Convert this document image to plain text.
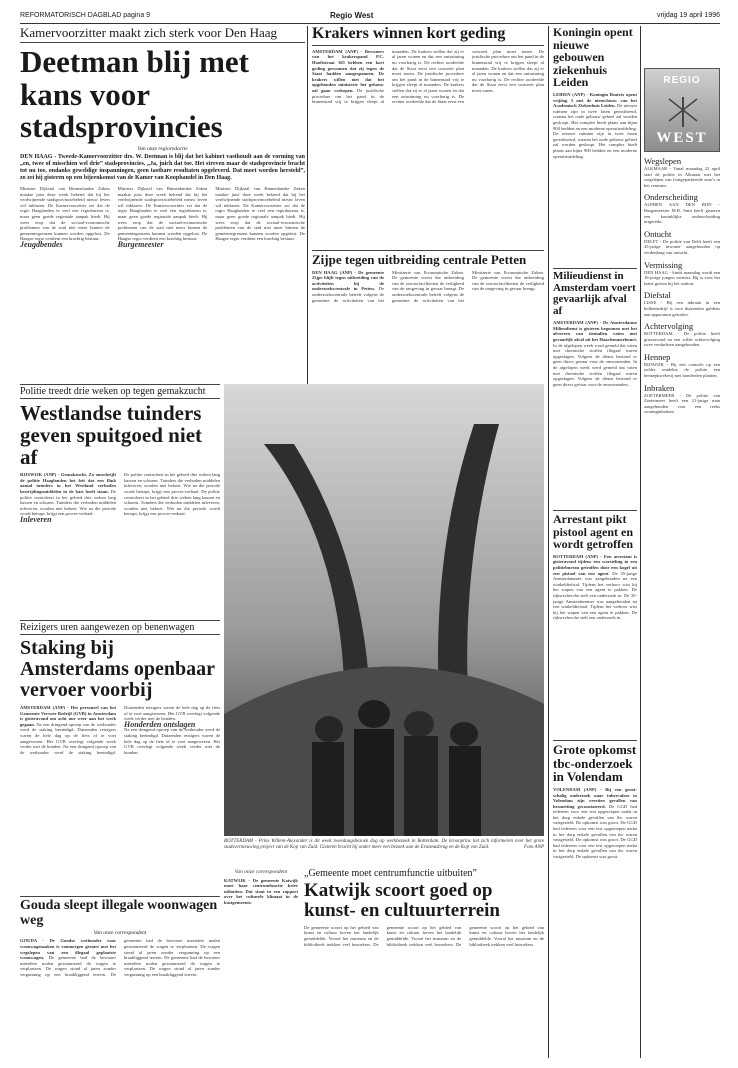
REFORMATORISCH DAGBLAD pagina 9	Regio West	vrijdag 19 april 1996
Kamervoorzitter maakt zich sterk voor Den Haag
Deetman blij met kans voor stadsprovincies
Van onze regioredactie
DEN HAAG - Tweede-Kamervoorzitter drs. W. Deetman is blij dat het kabinet vasthoudt aan de vorming van „en, twee of misschien wel drie” stadsprovincies. „Ja, juich dat toe. Het streven maar de stadsprovincie bracht tot nu toe, ondanks geweldige inspanningen, geen tastbare resultaten opgeleverd. Dat moet worden hersteld”, zo zei hij gisteren op een bijeenkomst van de Kamer van Koophandel in Den Haag.
Minister Dijkstal van Binnenlandse Zaken maakte juist deze week bekend dat hij het verdwijnende stadsprovinciebeleid nieuw leven wil inblazen. De Kamervoorzitter zei dat de regio Haaglanden te veel een regiobureau is, maar geen goede regionale aanpak biedt. Hij wees erop dat de sociaal-economische problemen van de stad niet meer binnen de gemeentegrenzen kunnen worden opgelost. De Haagse regio verdient een krachtig bestuur.
Jeugdbendes
Minister Dijkstal van Binnenlandse Zaken maakte juist deze week bekend dat hij het verdwijnende stadsprovinciebeleid nieuw leven wil inblazen. De Kamervoorzitter zei dat de regio Haaglanden te veel een regiobureau is, maar geen goede regionale aanpak biedt. Hij wees erop dat de sociaal-economische problemen van de stad niet meer binnen de gemeentegrenzen kunnen worden opgelost. De Haagse regio verdient een krachtig bestuur.
Burgemeester
Minister Dijkstal van Binnenlandse Zaken maakte juist deze week bekend dat hij het verdwijnende stadsprovinciebeleid nieuw leven wil inblazen. De Kamervoorzitter zei dat de regio Haaglanden te veel een regiobureau is, maar geen goede regionale aanpak biedt. Hij wees erop dat de sociaal-economische problemen van de stad niet meer binnen de gemeentegrenzen kunnen worden opgelost. De Haagse regio verdient een krachtig bestuur.
Krakers winnen kort geding
AMSTERDAM (ANP) - Bewoners van het krakerspand P.C. Hooftstraat 165 hebben een kort geding gewonnen dat zij tegen de Staat hadden aangespannen. De krakers willen niet dat het opgehouden ministerie het gebouw zal gaan verkopen. De juridische procedure om het pand in de binnenstad vrij te krijgen sleept al maanden. De krakers stellen dat zij er al jaren wonen en dat een ontruiming nu voorbarig is. De rechter oordeelde dat de Staat eerst een concreet plan moet tonen. De juridische procedure om het pand in de binnenstad vrij te krijgen sleept al maanden. De krakers stellen dat zij er al jaren wonen en dat een ontruiming nu voorbarig is. De rechter oordeelde dat de Staat eerst een concreet plan moet tonen. De juridische procedure om het pand in de binnenstad vrij te krijgen sleept al maanden. De krakers stellen dat zij er al jaren wonen en dat een ontruiming nu voorbarig is. De rechter oordeelde dat de Staat eerst een concreet plan moet tonen.
Zijpe tegen uitbreiding centrale Petten
DEN HAAG (ANP) - De gemeente Zijpe blijft tegen uitbreiding van de activiteiten bij de onderzoekscentrale in Petten. De onderzoekscentrale betreft volgens de gemeente de activiteiten van het Ministerie van Economische Zaken. De gemeente vreest dat uitbreiding van de reactorfaciliteiten de veiligheid van de omgeving in gevaar brengt. De onderzoekscentrale betreft volgens de gemeente de activiteiten van het Ministerie van Economische Zaken. De gemeente vreest dat uitbreiding van de reactorfaciliteiten de veiligheid van de omgeving in gevaar brengt.
Koningin opent nieuwe gebouwen ziekenhuis Leiden
LEIDEN (ANP) - Koningin Beatrix opent vrijdag 3 mei de nieuwbouw van het Academisch Ziekenhuis Leiden. De nieuwe ruimten zijn in twee fasen gerealiseerd, waarna het oude gebouw geheel zal worden gesloopt. Het complex biedt plaats aan bijna 900 bedden en een moderne operatieafdeling. De nieuwe ruimten zijn in twee fasen gerealiseerd, waarna het oude gebouw geheel zal worden gesloopt. Het complex biedt plaats aan bijna 900 bedden en een moderne operatieafdeling.
Milieudienst in Amsterdam voert gevaarlijk afval af
AMSTERDAM (ANP) - De Amsterdamse Milieudienst is gisteren begonnen met het afvoeren van tientallen vaten met gevaarlijk afval uit het Haarlemmerbuurt. In de afgelopen week werd gemeld dat vaten met chemische stoffen illegaal waren opgeslagen. Volgens de dienst bestond er geen direct gevaar voor de omwonenden. In de afgelopen week werd gemeld dat vaten met chemische stoffen illegaal waren opgeslagen. Volgens de dienst bestond er geen direct gevaar voor de omwonenden.
Arrestant pikt pistool agent en wordt getroffen
ROTTERDAM (ANP) - Een arrestant is gisteravond tijdens een worsteling in een politiebureau getroffen door een kogel uit een pistool van een agent. De 35-jarige Amsterdammer was aangehouden na een winkeldiefstal. Tijdens het verhoor wist hij het wapen van een agent te pakken. De rijksrecherche stelt een onderzoek in. De 35-jarige Amsterdammer was aangehouden na een winkeldiefstal. Tijdens het verhoor wist hij het wapen van een agent te pakken. De rijksrecherche stelt een onderzoek in.
Grote opkomst tbc-onderzoek in Volendam
VOLENDAM (ANP) - Bij een groot-schalig onderzoek naar tuberculose in Volendam zijn veertien gevallen van besmetting geconstateerd. De GGD had iedereen voor een test opgeroepen nadat in het dorp enkele gevallen van tbc waren vastgesteld. De opkomst was groot. De GGD had iedereen voor een test opgeroepen nadat in het dorp enkele gevallen van tbc waren vastgesteld. De opkomst was groot. De GGD had iedereen voor een test opgeroepen nadat in het dorp enkele gevallen van tbc waren vastgesteld. De opkomst was groot.
REGIO
WEST
Wegslepen
ALKMAAR - Vanaf maandag 22 april start de politie in Alkmaar met het wegslepen van foutgeparkeerde auto's in het centrum.
Onderscheiding
ALPHEN AAN DEN RIJN - Burgemeester M.B. Smit heeft gisteren een koninklijke onderscheiding uitgereikt.
Ontucht
DELFT - De politie van Delft heeft een 43-jarige inwoner aangehouden op verdenking van ontucht.
Vermissing
DEN HAAG - Sinds maandag wordt een 16-jarige jongen vermist. Hij is voor het laatst gezien bij het station.
Diefstal
LISSE - Bij een inbraak in een bollenbedrijf is voor duizenden guldens aan apparatuur gestolen.
Achtervolging
ROTTERDAM - De politie heeft gisteravond na een wilde achtervolging twee verdachten aangehouden.
Hennep
RIJSWIJK - Bij een controle op een zolder ontdekte de politie een hennepkwekerij met honderden planten.
Inbraken
ZOETERMEER - De politie van Zoetermeer heeft een 21-jarige man aangehouden voor een reeks woninginbraken.
Politie treedt drie weken op tegen gemakzucht
Westlandse tuinders geven spuitgoed niet af
RIJSWIJK (ANP) - Gemakzucht. Zo omschrijft de politie Haaglanden het feit dat een flink aantal tuinders in het Westland verboden bestrijdingsmiddelen in de kast heeft staan. De politie controleert in het gebied drie weken lang kassen en schuren. Tuinders die verboden middelen inleveren, worden niet beboet. Wie na die periode wordt betrapt, krijgt een proces-verbaal.
Inleveren
De politie controleert in het gebied drie weken lang kassen en schuren. Tuinders die verboden middelen inleveren, worden niet beboet. Wie na die periode wordt betrapt, krijgt een proces-verbaal. De politie controleert in het gebied drie weken lang kassen en schuren. Tuinders die verboden middelen inleveren, worden niet beboet. Wie na die periode wordt betrapt, krijgt een proces-verbaal.
Reizigers uren aangewezen op benenwagen
Staking bij Amsterdams openbaar vervoer voorbij
AMSTERDAM (ANP) - Het personeel van het Gemeente Vervoer Bedrijf (GVB) in Amsterdam is gisteravond om acht uur weer aan het werk gegaan. Na een dringend oproep van de wethouder werd de staking beeindigd. Duizenden reizigers waren de hele dag op de fiets of te voet aangewezen. Het GVB overlegt volgende week verder met de bonden. Na een dringend oproep van de wethouder werd de staking beeindigd. Duizenden reizigers waren de hele dag op de fiets of te voet aangewezen. Het GVB overlegt volgende week verder met de bonden.
Honderden ontslagen
Na een dringend oproep van de wethouder werd de staking beeindigd. Duizenden reizigers waren de hele dag op de fiets of te voet aangewezen. Het GVB overlegt volgende week verder met de bonden.
ROTTERDAM - Prins Willem-Alexander is dit week tweedaagsbezoek dag op werkbezoek in Rotterdam. De kroonprins liet zich informeren over het grote stadsvernieuwing project van de Kop van Zuid. Gisteren bracht hij onder meer een bezoek aan de Erasmusbrug en de Kop van Zuid.	Foto ANP
Gouda sleept illegale woonwagen weg
Van onze correspondent
GOUDA - De Goudse wethouder voor woonwagenzaken is vanmorgen gestart met het wegslepen van een illegaal geplaatste woonwagen. De gemeente had de bewoner meerdere malen gesommeerd de wagen te verplaatsen. De wagen stond al jaren zonder vergunning op een braakliggend terrein. De gemeente had de bewoner meerdere malen gesommeerd de wagen te verplaatsen. De wagen stond al jaren zonder vergunning op een braakliggend terrein. De gemeente had de bewoner meerdere malen gesommeerd de wagen te verplaatsen. De wagen stond al jaren zonder vergunning op een braakliggend terrein.
Van onze correspondent
KATWIJK - De gemeente Katwijk moet haar centrumfunctie beter uitbuiten. Dat staat in een rapport over het culturele klimaat in de kustgemeente.
„Gemeente moet centrumfunctie uitbuiten”
Katwijk scoort goed op kunst- en cultuurterrein
De gemeente scoort op het gebied van kunst en cultuur boven het landelijk gemiddelde. Vooral het museum en de bibliotheek trekken veel bezoekers. De gemeente scoort op het gebied van kunst en cultuur boven het landelijk gemiddelde. Vooral het museum en de bibliotheek trekken veel bezoekers. De gemeente scoort op het gebied van kunst en cultuur boven het landelijk gemiddelde. Vooral het museum en de bibliotheek trekken veel bezoekers.
